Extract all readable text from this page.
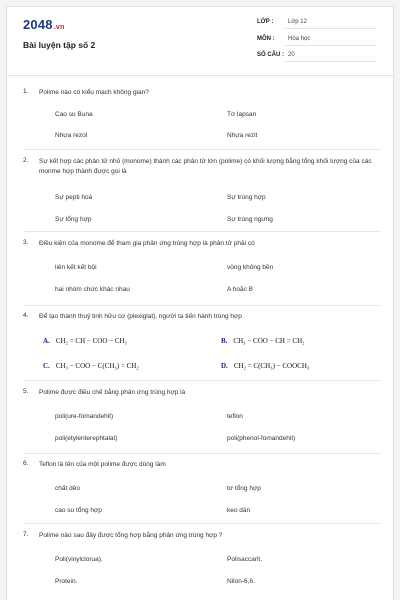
2048.vn
Bài luyện tập số 2
LỚP :	Lớp 12
MÔN :	Hóa học
SỐ CÂU : 20
1. Polime nào có kiểu mạch không gian?
Cao su Buna	Tơ lapsan
Nhựa rezol	Nhựa rezit
2. Sự kết hợp các phân tử nhỏ (monome) thành các phân tử lớn (polime) có khối lượng bằng tổng khối lượng của các monme hợp thành được gọi là
Sự pepti hoá	Sự trùng hợp
Sự tổng hợp	Sự trùng ngưng
3. Điều kiện của monome để tham gia phản ứng trùng hợp là phân tử phải có
liên kết kết bội	vòng không bền
hai nhóm chức khác nhau	A hoặc B
4. Để tạo thành thuỷ tinh hữu cơ (plexiglat), người ta tiến hành trùng hợp
A. CH₂ = CH − COO − CH₃	B. CH₃ − COO − CH = CH₂
C. CH₃ − COO − C(CH₃) = CH₂	D. CH₂ = C(CH₃) − COOCH₃
5. Polime được điều chế bằng phản ứng trùng hợp là
poli(ure-fomandehit)	teflon
poli(etylenterephtalat)	poli(phenol-fomandehit)
6. Teflon là tên của một polime được dùng làm
chất dẻo	tơ tổng hợp
cao su tổng hợp	keo dán
7. Polime nào sau đây được tổng hợp bằng phản ứng trùng hợp ?
Poli(vinylclorua).	Polisaccarit.
Protein.	Nilon-6,6.
